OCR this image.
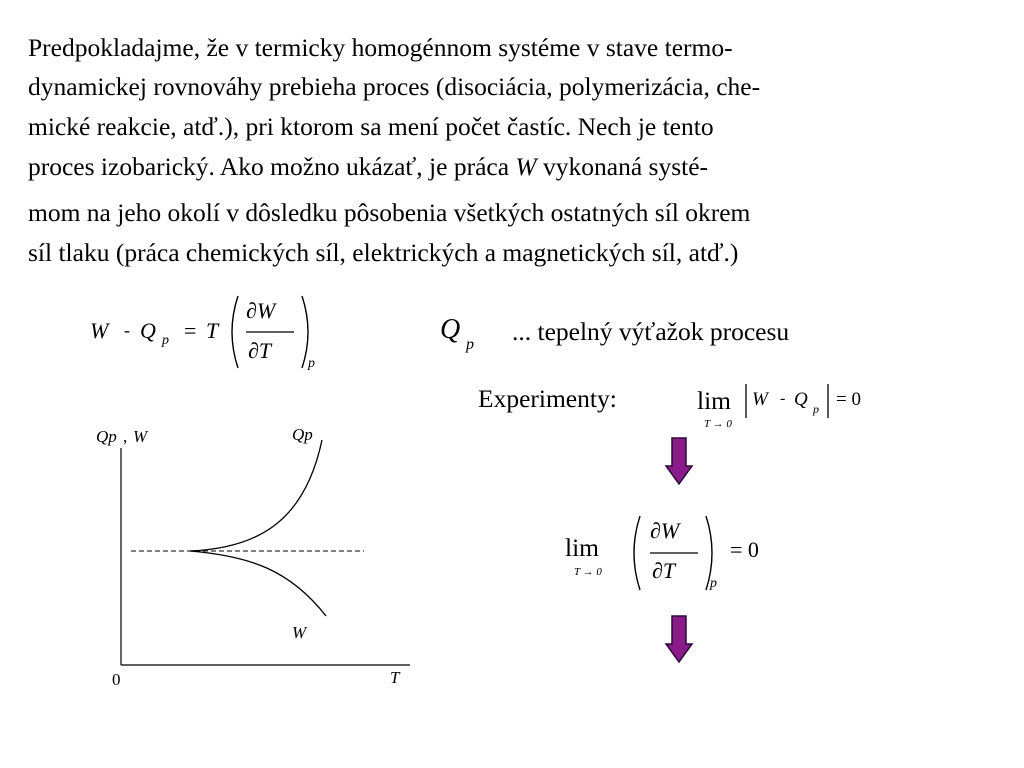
Predpokladajme, že v termicky homogénnom systéme v stave termo-

dynamickej rovnováhy prebieha proces (disociácia, polymerizácia, che-

mické reakcie, atď.), pri ktorom sa mení počet častíc. Nech je tento

proces izobarický. Ako možno ukázať, je práca W vykonaná systé-

mom na jeho okolí v dôsledku pôsobenia všetkých ostatných síl okrem

síl tlaku (práca chemických síl, elektrických a magnetických síl, atď.)

W - Q p = T
∂W
∂T
p
Q p ... tepelný výťažok procesu
Experimenty:	lim
T → 0
W - Q p = 0
lim
T → 0
∂W
∂T
p
= 0
Qp , W	Qp
W
0	T
